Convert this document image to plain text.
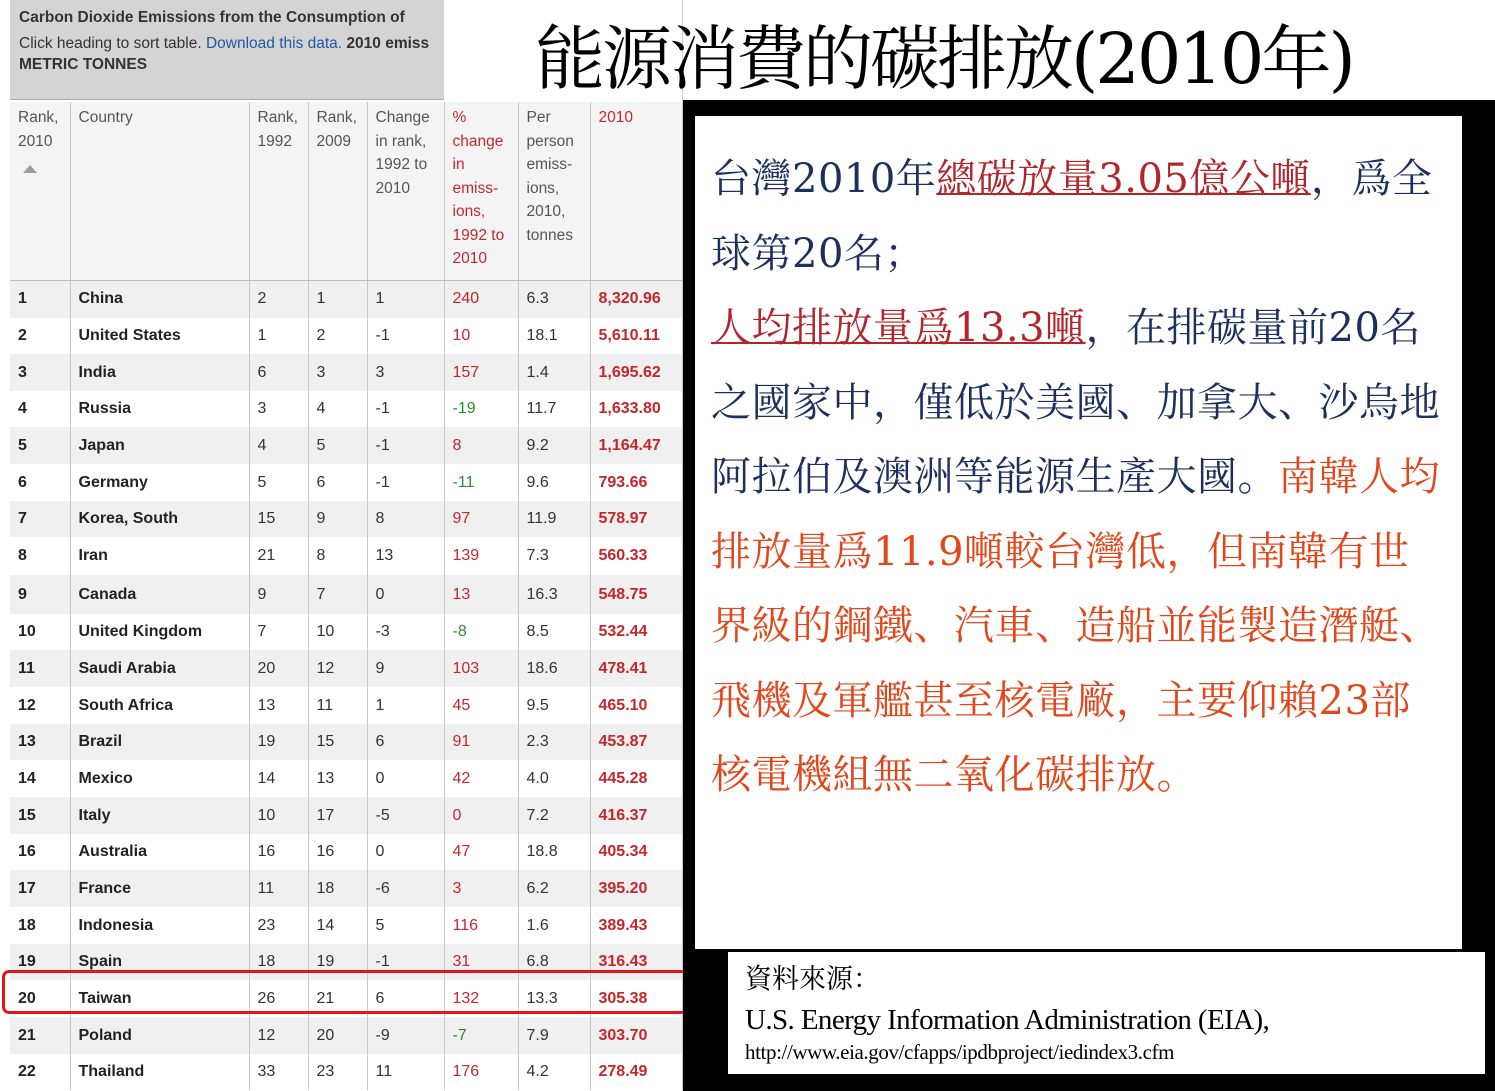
Carbon Dioxide Emissions from the Consumption of
Click heading to sort table. Download this data. 2010 emiss
METRIC TONNES
Rank, 2010	Country	Rank, 1992	Rank, 2009	Change in rank, 1992 to 2010	% change in emiss-ions, 1992 to 2010	Per person emiss-ions, 2010, tonnes	2010
1	China	2	1	1	240	6.3	8,320.96
2	United States	1	2	-1	10	18.1	5,610.11
3	India	6	3	3	157	1.4	1,695.62
4	Russia	3	4	-1	-19	11.7	1,633.80
5	Japan	4	5	-1	8	9.2	1,164.47
6	Germany	5	6	-1	-11	9.6	793.66
7	Korea, South	15	9	8	97	11.9	578.97
8	Iran	21	8	13	139	7.3	560.33
9	Canada	9	7	0	13	16.3	548.75
10	United Kingdom	7	10	-3	-8	8.5	532.44
11	Saudi Arabia	20	12	9	103	18.6	478.41
12	South Africa	13	11	1	45	9.5	465.10
13	Brazil	19	15	6	91	2.3	453.87
14	Mexico	14	13	0	42	4.0	445.28
15	Italy	10	17	-5	0	7.2	416.37
16	Australia	16	16	0	47	18.8	405.34
17	France	11	18	-6	3	6.2	395.20
18	Indonesia	23	14	5	116	1.6	389.43
19	Spain	18	19	-1	31	6.8	316.43
20	Taiwan	26	21	6	132	13.3	305.38
21	Poland	12	20	-9	-7	7.9	303.70
22	Thailand	33	23	11	176	4.2	278.49
能源消費的碳排放(2010年)

台灣2010年總碳放量3.05億公噸，爲全球第20名；
人均排放量爲13.3噸，在排碳量前20名之國家中，僅低於美國、加拿大、沙烏地阿拉伯及澳洲等能源生產大國。南韓人均排放量爲11.9噸較台灣低，但南韓有世界級的鋼鐵、汽車、造船並能製造潛艇、飛機及軍艦甚至核電廠，主要仰賴23部核電機組無二氧化碳排放。

資料來源：
U.S. Energy Information Administration (EIA),
http://www.eia.gov/cfapps/ipdbproject/iedindex3.cfm
